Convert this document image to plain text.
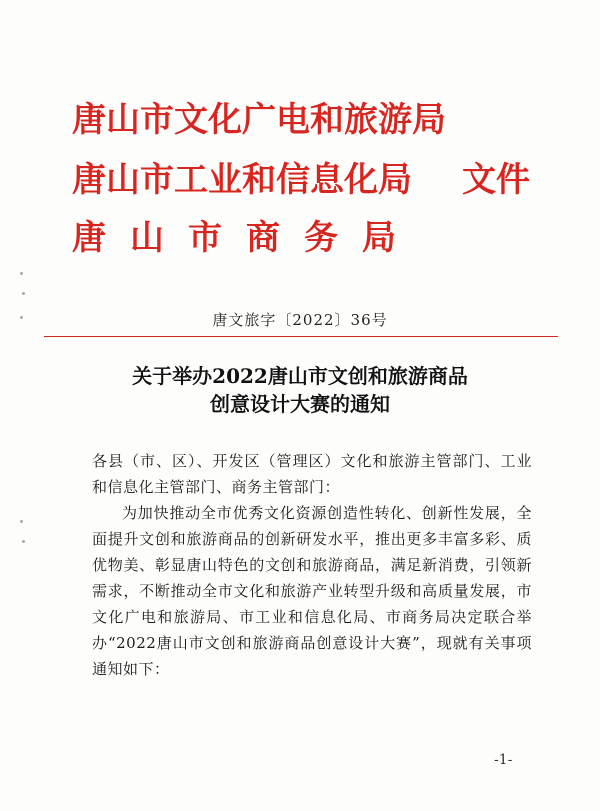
唐山市文化广电和旅游局
唐山市工业和信息化局
唐山市商务局
文件
唐文旅字〔2022〕36号
关于举办2022唐山市文创和旅游商品
创意设计大赛的通知
各县（市、区）、开发区（管理区）文化和旅游主管部门、工业和信息化主管部门、商务主管部门：
为加快推动全市优秀文化资源创造性转化、创新性发展，全面提升文创和旅游商品的创新研发水平，推出更多丰富多彩、质优物美、彰显唐山特色的文创和旅游商品，满足新消费，引领新需求，不断推动全市文化和旅游产业转型升级和高质量发展，市文化广电和旅游局、市工业和信息化局、市商务局决定联合举办“2022唐山市文创和旅游商品创意设计大赛”，现就有关事项通知如下：
-1-
